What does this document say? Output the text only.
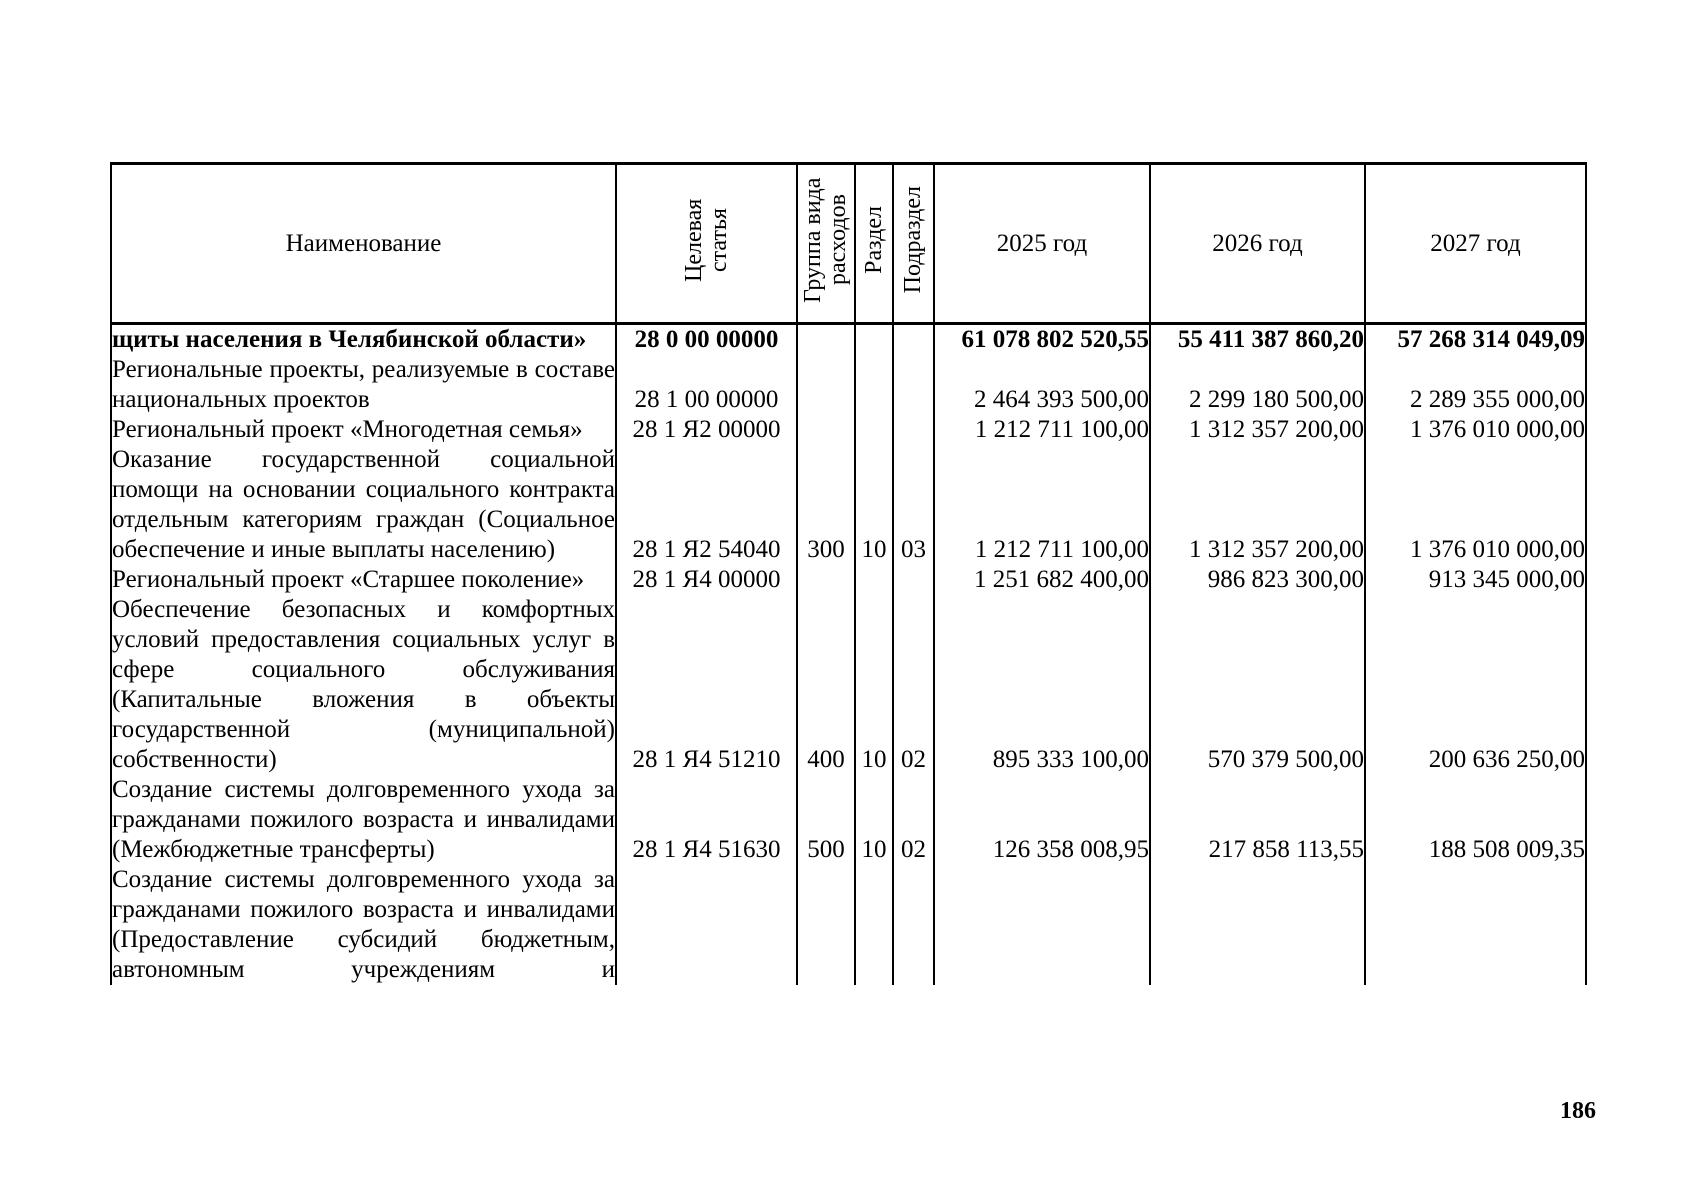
Наименование	Целевая статья	Группа вида расходов	Раздел	Подраздел	2025 год	2026 год	2027 год
щиты населения в Челябинской области»	28 0 00 00000				61 078 802 520,55	55 411 387 860,20	57 268 314 049,09
Региональные проекты, реализуемые в составе национальных проектов	28 1 00 00000				2 464 393 500,00	2 299 180 500,00	2 289 355 000,00
Региональный проект «Многодетная семья»	28 1 Я2 00000				1 212 711 100,00	1 312 357 200,00	1 376 010 000,00
Оказание государственной социальной помощи на основании социального контракта отдельным категориям граждан (Социальное обеспечение и иные выплаты населению)	28 1 Я2 54040	300	10	03	1 212 711 100,00	1 312 357 200,00	1 376 010 000,00
Региональный проект «Старшее поколение»	28 1 Я4 00000				1 251 682 400,00	986 823 300,00	913 345 000,00
Обеспечение безопасных и комфортных условий предоставления социальных услуг в сфере социального обслуживания (Капитальные вложения в объекты государственной (муниципальной) собственности)	28 1 Я4 51210	400	10	02	895 333 100,00	570 379 500,00	200 636 250,00
Создание системы долговременного ухода за гражданами пожилого возраста и инвалидами (Межбюджетные трансферты)	28 1 Я4 51630	500	10	02	126 358 008,95	217 858 113,55	188 508 009,35
Создание системы долговременного ухода за гражданами пожилого возраста и инвалидами (Предоставление субсидий бюджетным, автономным учреждениям и							
186
